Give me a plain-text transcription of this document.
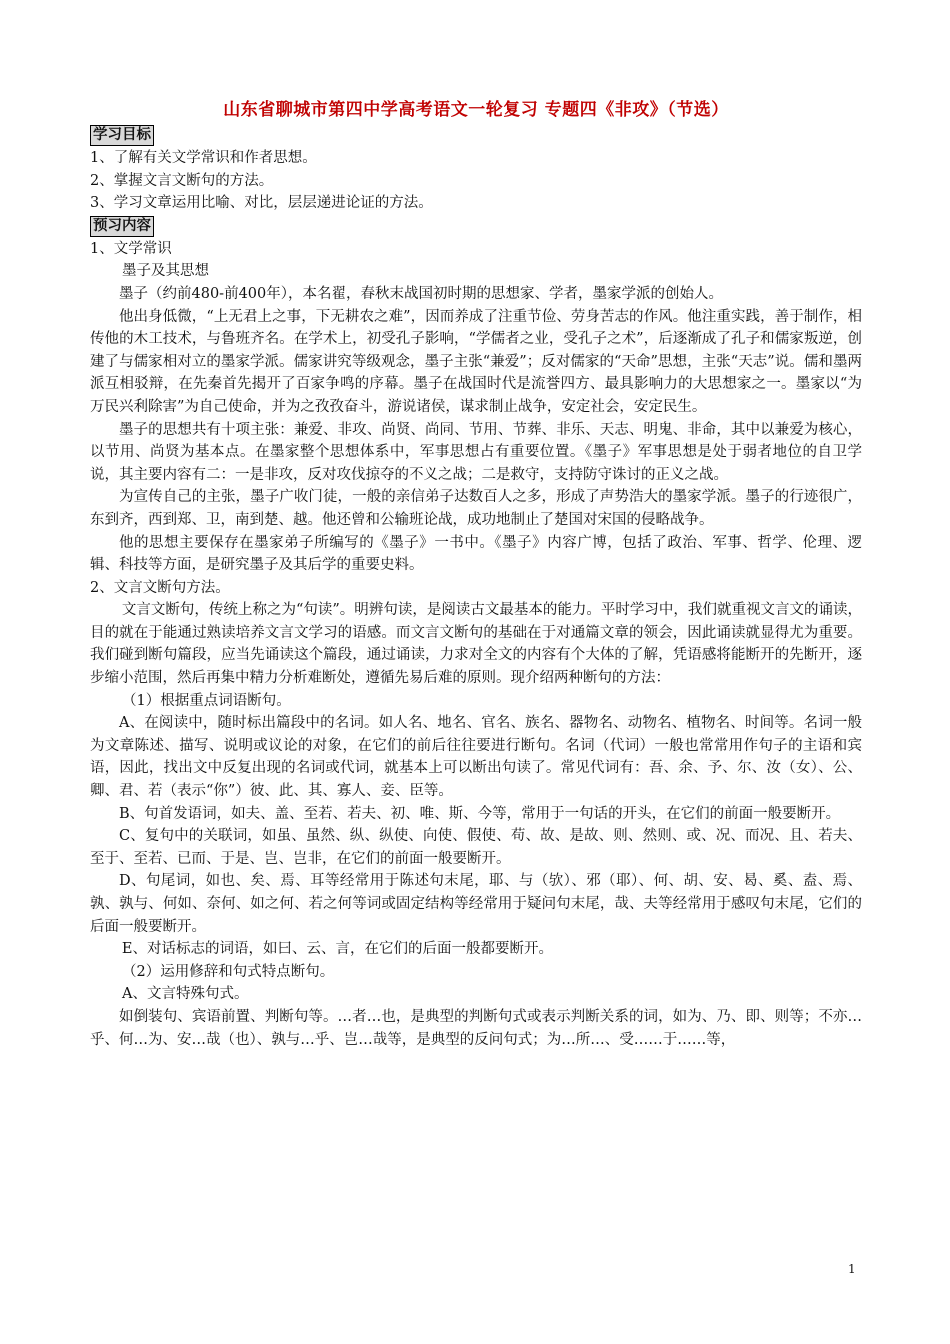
山东省聊城市第四中学高考语文一轮复习 专题四《非攻》（节选）
学习目标

1、了解有关文学常识和作者思想。

2、掌握文言文断句的方法。

3、学习文章运用比喻、对比，层层递进论证的方法。

预习内容

1、文学常识

墨子及其思想

墨子（约前480-前400年），本名翟，春秋末战国初时期的思想家、学者，墨家学派的创始人。

他出身低微，“上无君上之事，下无耕农之难”，因而养成了注重节俭、劳身苦志的作风。他注重实践，善于制作，相传他的木工技术，与鲁班齐名。在学术上，初受孔子影响，“学儒者之业，受孔子之术”，后逐渐成了孔子和儒家叛逆，创建了与儒家相对立的墨家学派。儒家讲究等级观念，墨子主张“兼爱”；反对儒家的“天命”思想，主张“天志”说。儒和墨两派互相驳辩，在先秦首先揭开了百家争鸣的序幕。墨子在战国时代是流誉四方、最具影响力的大思想家之一。墨家以“为万民兴利除害”为自己使命，并为之孜孜奋斗，游说诸侯，谋求制止战争，安定社会，安定民生。

墨子的思想共有十项主张：兼爱、非攻、尚贤、尚同、节用、节葬、非乐、天志、明鬼、非命，其中以兼爱为核心，以节用、尚贤为基本点。在墨家整个思想体系中，军事思想占有重要位置。《墨子》军事思想是处于弱者地位的自卫学说，其主要内容有二：一是非攻，反对攻伐掠夺的不义之战；二是救守，支持防守诛讨的正义之战。

为宣传自己的主张，墨子广收门徒，一般的亲信弟子达数百人之多，形成了声势浩大的墨家学派。墨子的行迹很广，东到齐，西到郑、卫，南到楚、越。他还曾和公输班论战，成功地制止了楚国对宋国的侵略战争。

他的思想主要保存在墨家弟子所编写的《墨子》一书中。《墨子》内容广博，包括了政治、军事、哲学、伦理、逻辑、科技等方面，是研究墨子及其后学的重要史料。

2、文言文断句方法。

文言文断句，传统上称之为“句读”。明辨句读，是阅读古文最基本的能力。平时学习中，我们就重视文言文的诵读，目的就在于能通过熟读培养文言文学习的语感。而文言文断句的基础在于对通篇文章的领会，因此诵读就显得尤为重要。我们碰到断句篇段，应当先诵读这个篇段，通过诵读，力求对全文的内容有个大体的了解，凭语感将能断开的先断开，逐步缩小范围，然后再集中精力分析难断处，遵循先易后难的原则。现介绍两种断句的方法：

（1）根据重点词语断句。

A、在阅读中，随时标出篇段中的名词。如人名、地名、官名、族名、器物名、动物名、植物名、时间等。名词一般为文章陈述、描写、说明或议论的对象，在它们的前后往往要进行断句。名词（代词）一般也常常用作句子的主语和宾语，因此，找出文中反复出现的名词或代词，就基本上可以断出句读了。常见代词有：吾、余、予、尔、汝（女）、公、卿、君、若（表示“你”）彼、此、其、寡人、妾、臣等。

B、句首发语词，如夫、盖、至若、若夫、初、唯、斯、今等，常用于一句话的开头，在它们的前面一般要断开。

C、复句中的关联词，如虽、虽然、纵、纵使、向使、假使、苟、故、是故、则、然则、或、况、而况、且、若夫、至于、至若、已而、于是、岂、岂非，在它们的前面一般要断开。

D、句尾词，如也、矣、焉、耳等经常用于陈述句末尾，耶、与（欤）、邪（耶）、何、胡、安、曷、奚、盍、焉、孰、孰与、何如、奈何、如之何、若之何等词或固定结构等经常用于疑问句末尾，哉、夫等经常用于感叹句末尾，它们的后面一般要断开。

E、对话标志的词语，如曰、云、言，在它们的后面一般都要断开。

（2）运用修辞和句式特点断句。

A、文言特殊句式。

如倒装句、宾语前置、判断句等。…者…也，是典型的判断句式或表示判断关系的词，如为、乃、即、则等；不亦…乎、何…为、安…哉（也）、孰与…乎、岂…哉等，是典型的反问句式；为…所…、受……于……等，

1
